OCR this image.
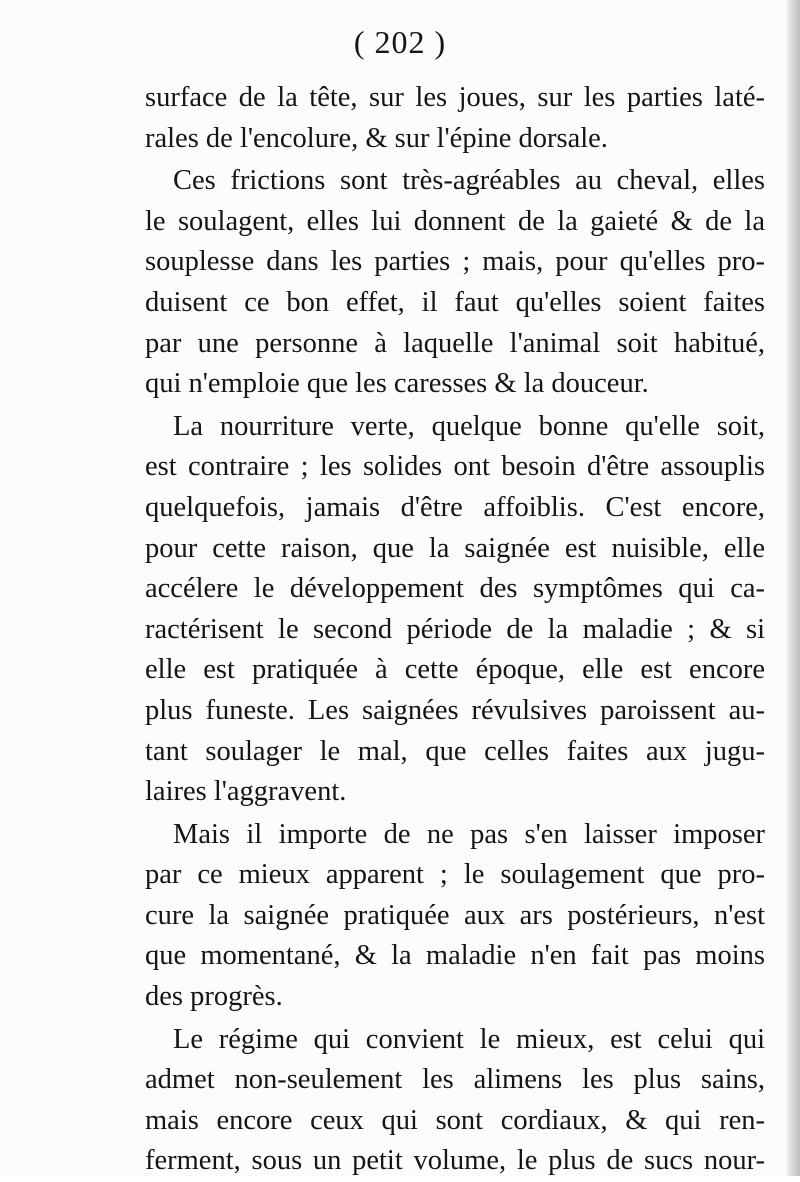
( 202 )
surface de la tête, sur les joues, sur les parties laté-
rales de l'encolure, & sur l'épine dorsale.
Ces frictions sont très-agréables au cheval, elles
le soulagent, elles lui donnent de la gaieté & de la
souplesse dans les parties ; mais, pour qu'elles pro-
duisent ce bon effet, il faut qu'elles soient faites
par une personne à laquelle l'animal soit habitué,
qui n'emploie que les caresses & la douceur.
La nourriture verte, quelque bonne qu'elle soit,
est contraire ; les solides ont besoin d'être assouplis
quelquefois, jamais d'être affoiblis. C'est encore,
pour cette raison, que la saignée est nuisible, elle
accélere le développement des symptômes qui ca-
ractérisent le second période de la maladie ; & si
elle est pratiquée à cette époque, elle est encore
plus funeste. Les saignées révulsives paroissent au-
tant soulager le mal, que celles faites aux jugu-
laires l'aggravent.
Mais il importe de ne pas s'en laisser imposer
par ce mieux apparent ; le soulagement que pro-
cure la saignée pratiquée aux ars postérieurs, n'est
que momentané, & la maladie n'en fait pas moins
des progrès.
Le régime qui convient le mieux, est celui qui
admet non-seulement les alimens les plus sains,
mais encore ceux qui sont cordiaux, & qui ren-
ferment, sous un petit volume, le plus de sucs nour-
